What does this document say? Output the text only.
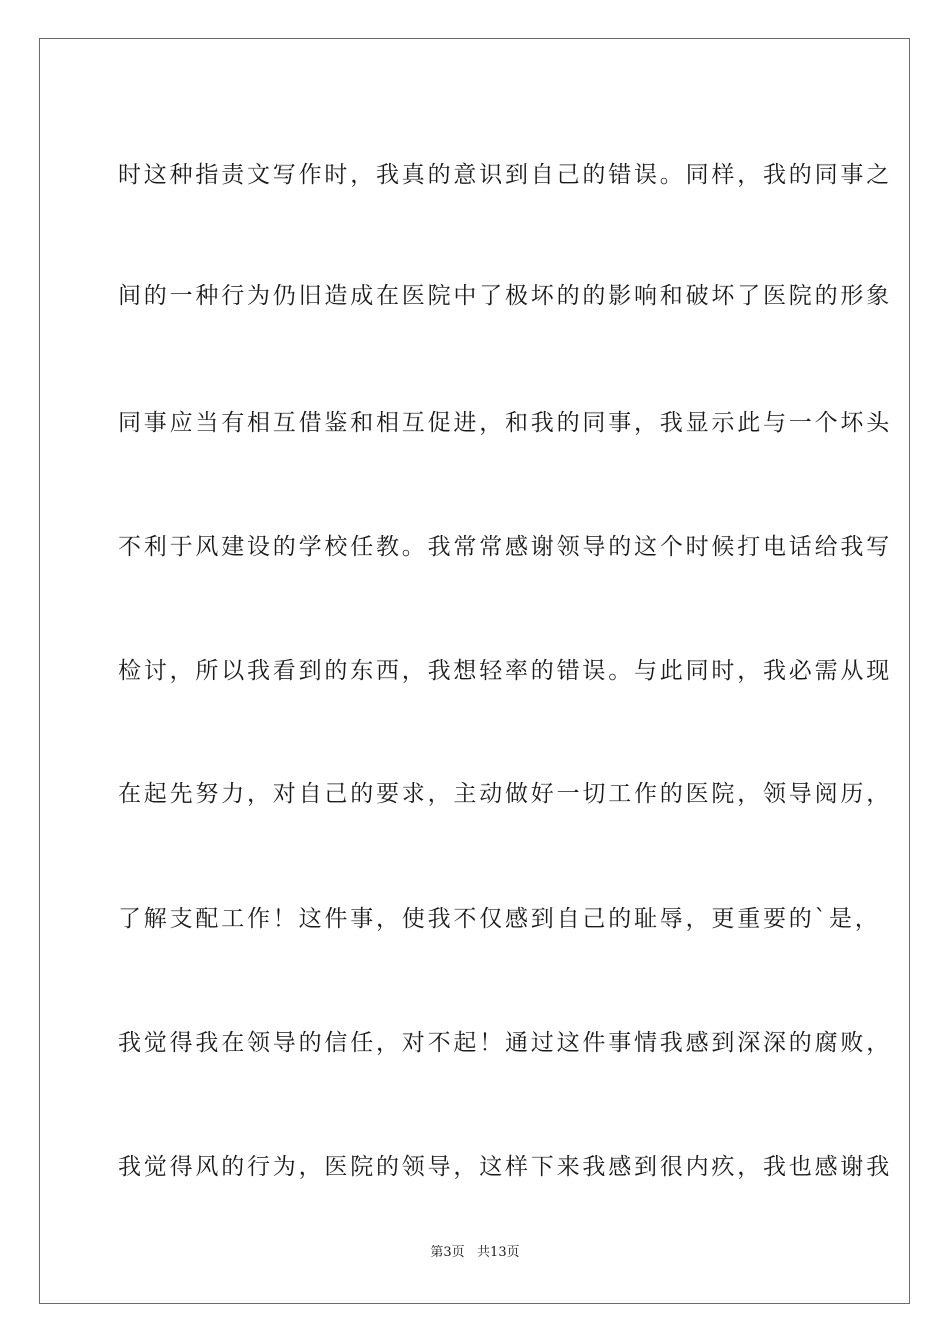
时这种指责文写作时，我真的意识到自己的错误。同样，我的同事之

间的一种行为仍旧造成在医院中了极坏的的影响和破坏了医院的形象

同事应当有相互借鉴和相互促进，和我的同事，我显示此与一个坏头

不利于风建设的学校任教。我常常感谢领导的这个时候打电话给我写

检讨，所以我看到的东西，我想轻率的错误。与此同时，我必需从现

在起先努力，对自己的要求，主动做好一切工作的医院，领导阅历，

了解支配工作！这件事，使我不仅感到自己的耻辱，更重要的`是，

我觉得我在领导的信任，对不起！通过这件事情我感到深深的腐败，

我觉得风的行为，医院的领导，这样下来我感到很内疚，我也感谢我

第3页   共13页
